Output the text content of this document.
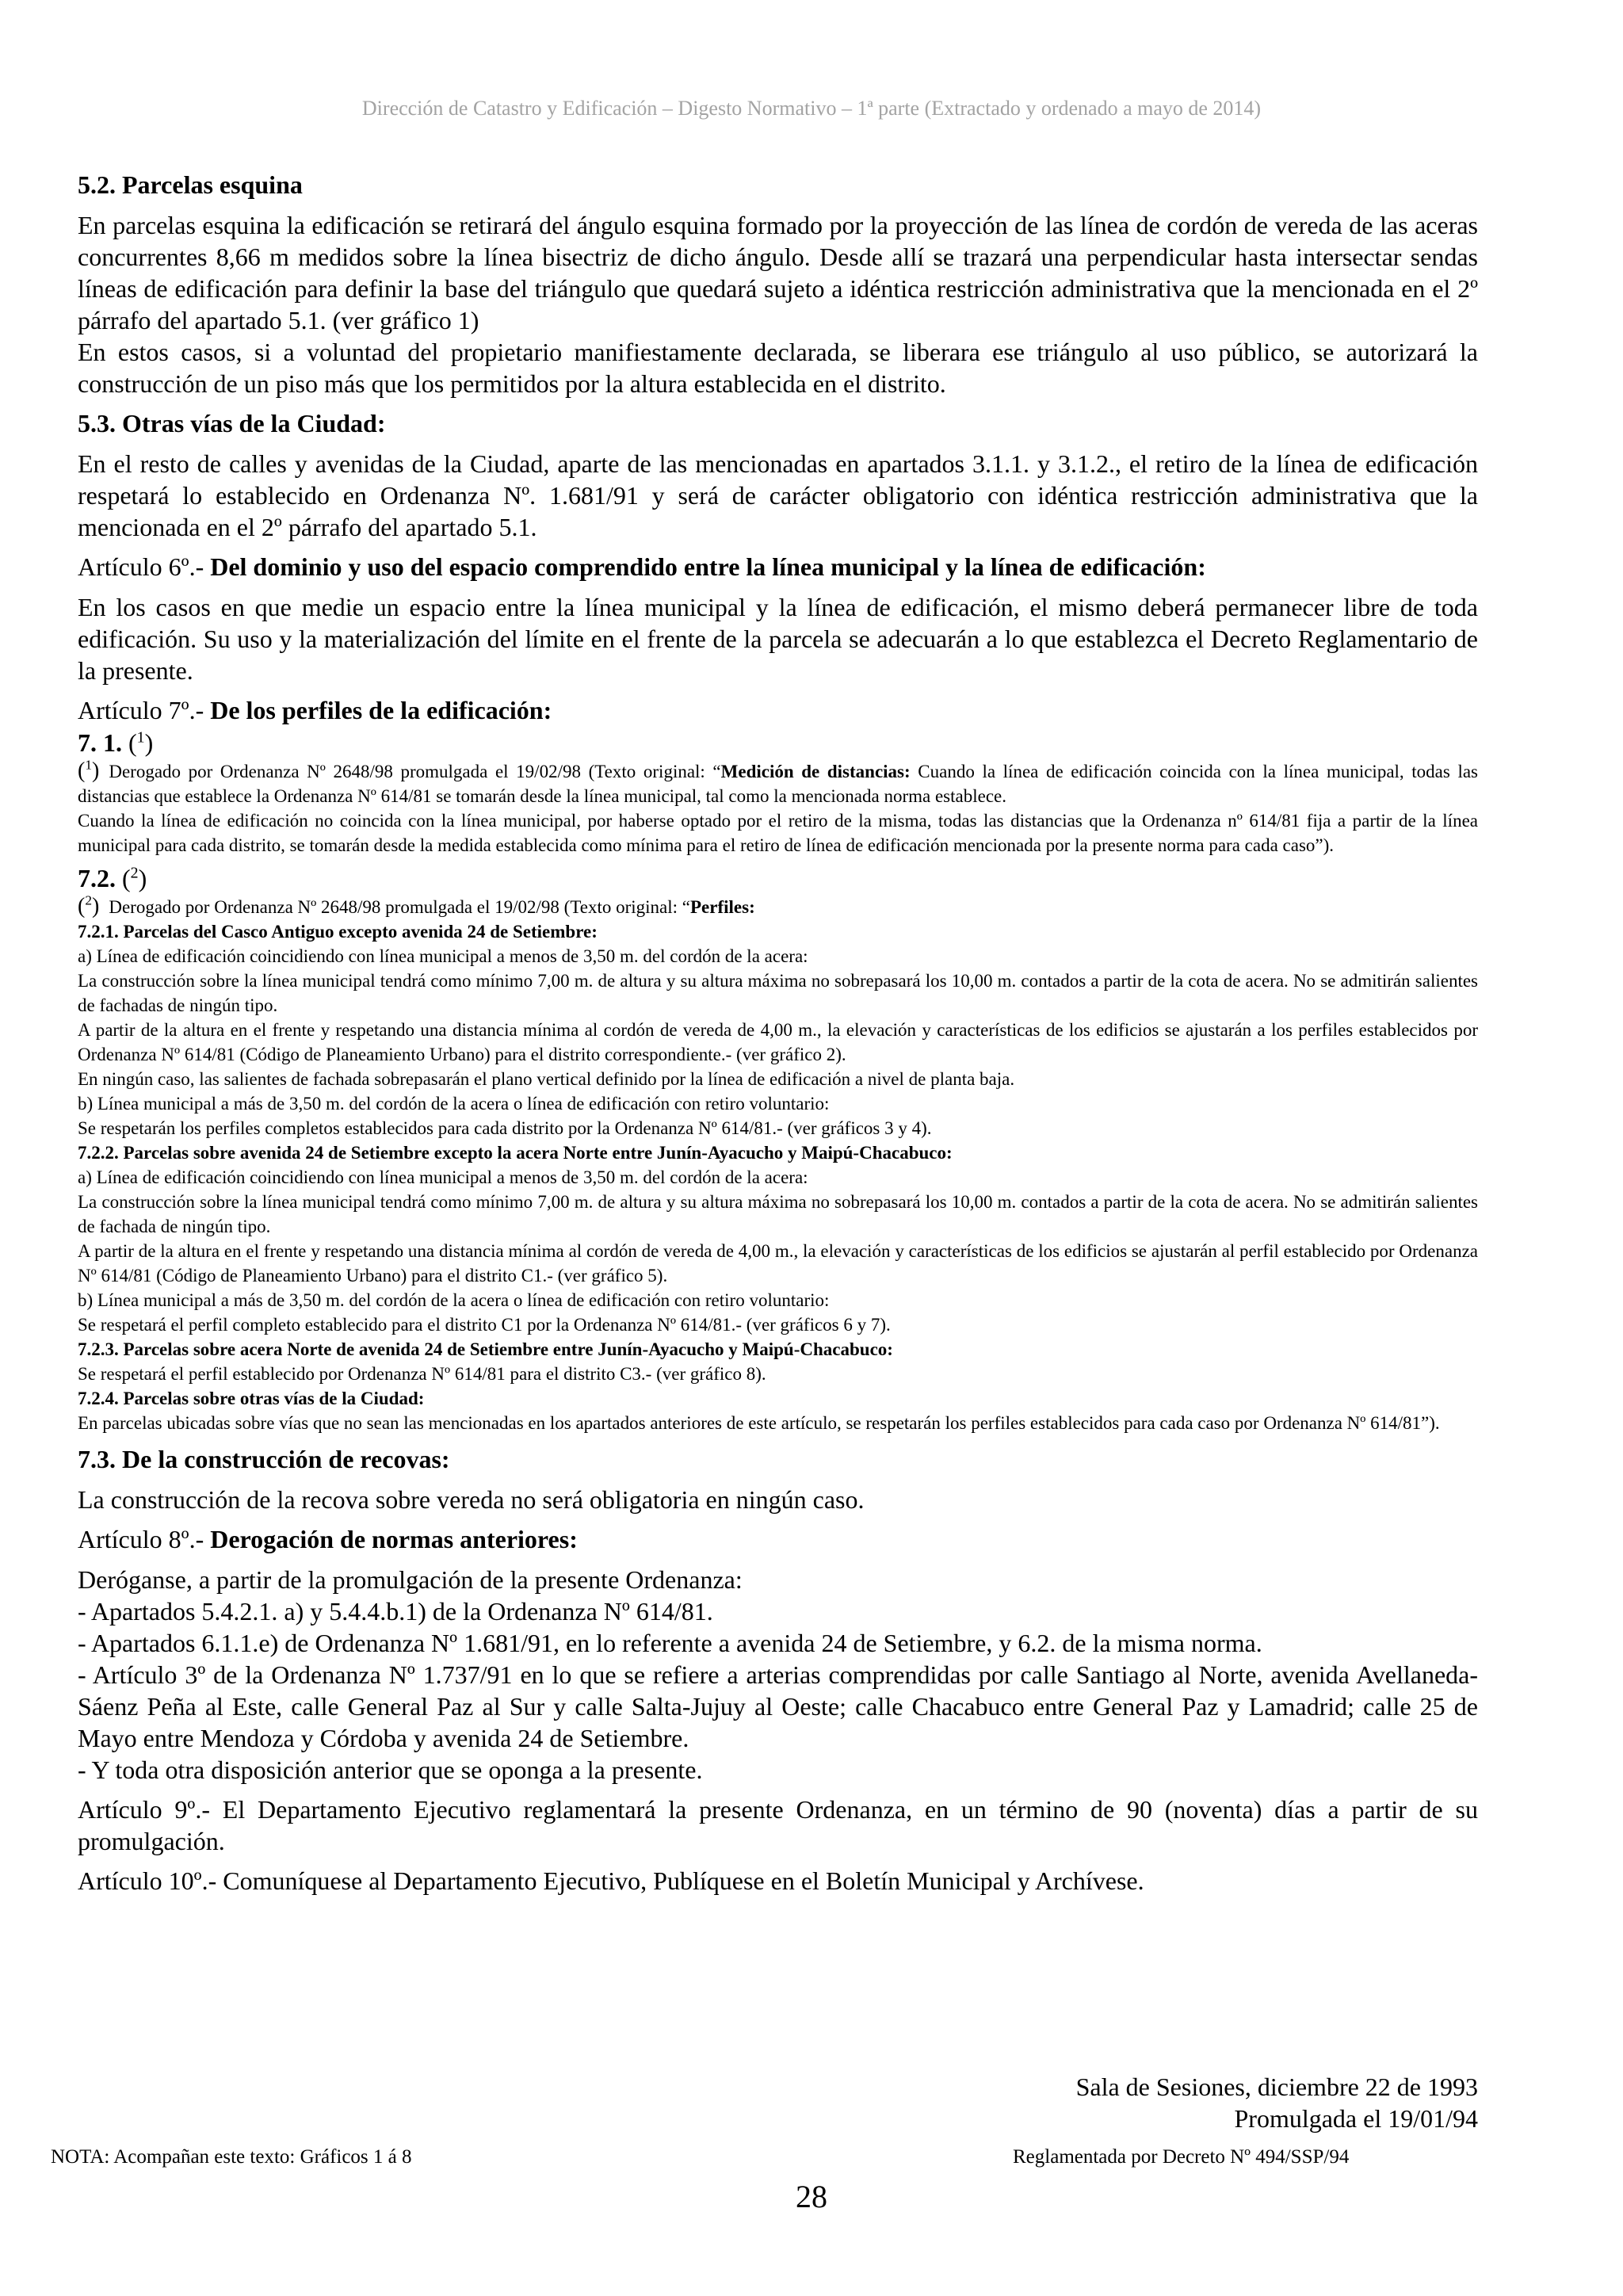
Dirección de Catastro y Edificación – Digesto Normativo – 1ª parte (Extractado y ordenado a mayo de 2014)

5.2. Parcelas esquina

En parcelas esquina la edificación se retirará del ángulo esquina formado por la proyección de las línea de cordón de vereda de las aceras concurrentes 8,66 m medidos sobre la línea bisectriz de dicho ángulo. Desde allí se trazará una perpendicular hasta intersectar sendas líneas de edificación para definir la base del triángulo que quedará sujeto a idéntica restricción administrativa que la mencionada en el 2º párrafo del apartado 5.1. (ver gráfico 1)

En estos casos, si a voluntad del propietario manifiestamente declarada, se liberara ese triángulo al uso público, se autorizará la construcción de un piso más que los permitidos por la altura establecida en el distrito.

5.3. Otras vías de la Ciudad:

En el resto de calles y avenidas de la Ciudad, aparte de las mencionadas en apartados 3.1.1. y 3.1.2., el retiro de la línea de edificación respetará lo establecido en Ordenanza Nº. 1.681/91 y será de carácter obligatorio con idéntica restricción administrativa que la mencionada en el 2º párrafo del apartado 5.1.

Artículo 6º.- Del dominio y uso del espacio comprendido entre la línea municipal y la línea de edificación:

En los casos en que medie un espacio entre la línea municipal y la línea de edificación, el mismo deberá permanecer libre de toda edificación. Su uso y la materialización del límite en el frente de la parcela se adecuarán a lo que establezca el Decreto Reglamentario de la presente.

Artículo 7º.- De los perfiles de la edificación:

7. 1. ($^1$)

($^1$) Derogado por Ordenanza Nº 2648/98 promulgada el 19/02/98 (Texto original: “Medición de distancias: Cuando la línea de edificación coincida con la línea municipal, todas las distancias que establece la Ordenanza Nº 614/81 se tomarán desde la línea municipal, tal como la mencionada norma establece.

Cuando la línea de edificación no coincida con la línea municipal, por haberse optado por el retiro de la misma, todas las distancias que la Ordenanza nº 614/81 fija a partir de la línea municipal para cada distrito, se tomarán desde la medida establecida como mínima para el retiro de línea de edificación mencionada por la presente norma para cada caso”).

7.2. ($^2$)

($^2$) Derogado por Ordenanza Nº 2648/98 promulgada el 19/02/98 (Texto original: “Perfiles:

7.2.1. Parcelas del Casco Antiguo excepto avenida 24 de Setiembre:

a) Línea de edificación coincidiendo con línea municipal a menos de 3,50 m. del cordón de la acera:

La construcción sobre la línea municipal tendrá como mínimo 7,00 m. de altura y su altura máxima no sobrepasará los 10,00 m. contados a partir de la cota de acera. No se admitirán salientes de fachadas de ningún tipo.

A partir de la altura en el frente y respetando una distancia mínima al cordón de vereda de 4,00 m., la elevación y características de los edificios se ajustarán a los perfiles establecidos por Ordenanza Nº 614/81 (Código de Planeamiento Urbano) para el distrito correspondiente.- (ver gráfico 2).

En ningún caso, las salientes de fachada sobrepasarán el plano vertical definido por la línea de edificación a nivel de planta baja.

b) Línea municipal a más de 3,50 m. del cordón de la acera o línea de edificación con retiro voluntario:

Se respetarán los perfiles completos establecidos para cada distrito por la Ordenanza Nº 614/81.- (ver gráficos 3 y 4).

7.2.2. Parcelas sobre avenida 24 de Setiembre excepto la acera Norte entre Junín-Ayacucho y Maipú-Chacabuco:

a) Línea de edificación coincidiendo con línea municipal a menos de 3,50 m. del cordón de la acera:

La construcción sobre la línea municipal tendrá como mínimo 7,00 m. de altura y su altura máxima no sobrepasará los 10,00 m. contados a partir de la cota de acera. No se admitirán salientes de fachada de ningún tipo.

A partir de la altura en el frente y respetando una distancia mínima al cordón de vereda de 4,00 m., la elevación y características de los edificios se ajustarán al perfil establecido por Ordenanza Nº 614/81 (Código de Planeamiento Urbano) para el distrito C1.- (ver gráfico 5).

b) Línea municipal a más de 3,50 m. del cordón de la acera o línea de edificación con retiro voluntario:

Se respetará el perfil completo establecido para el distrito C1 por la Ordenanza Nº 614/81.- (ver gráficos 6 y 7).

7.2.3. Parcelas sobre acera Norte de avenida 24 de Setiembre entre Junín-Ayacucho y Maipú-Chacabuco:

Se respetará el perfil establecido por Ordenanza Nº 614/81 para el distrito C3.- (ver gráfico 8).

7.2.4. Parcelas sobre otras vías de la Ciudad:

En parcelas ubicadas sobre vías que no sean las mencionadas en los apartados anteriores de este artículo, se respetarán los perfiles establecidos para cada caso por Ordenanza Nº 614/81”).

7.3. De la construcción de recovas:

La construcción de la recova sobre vereda no será obligatoria en ningún caso.

Artículo 8º.- Derogación de normas anteriores:

Deróganse, a partir de la promulgación de la presente Ordenanza:

- Apartados 5.4.2.1. a) y 5.4.4.b.1) de la Ordenanza Nº 614/81.

- Apartados 6.1.1.e) de Ordenanza Nº 1.681/91, en lo referente a avenida 24 de Setiembre, y 6.2. de la misma norma.

- Artículo 3º de la Ordenanza Nº 1.737/91 en lo que se refiere a arterias comprendidas por calle Santiago al Norte, avenida Avellaneda-Sáenz Peña al Este, calle General Paz al Sur y calle Salta-Jujuy al Oeste; calle Chacabuco entre General Paz y Lamadrid; calle 25 de Mayo entre Mendoza y Córdoba y avenida 24 de Setiembre.

- Y toda otra disposición anterior que se oponga a la presente.

Artículo 9º.- El Departamento Ejecutivo reglamentará la presente Ordenanza, en un término de 90 (noventa) días a partir de su promulgación.

Artículo 10º.- Comuníquese al Departamento Ejecutivo, Publíquese en el Boletín Municipal y Archívese.

Sala de Sesiones, diciembre 22 de 1993
Promulgada el 19/01/94
NOTA: Acompañan este texto: Gráficos 1 á 8	Reglamentada por Decreto Nº 494/SSP/94
28
